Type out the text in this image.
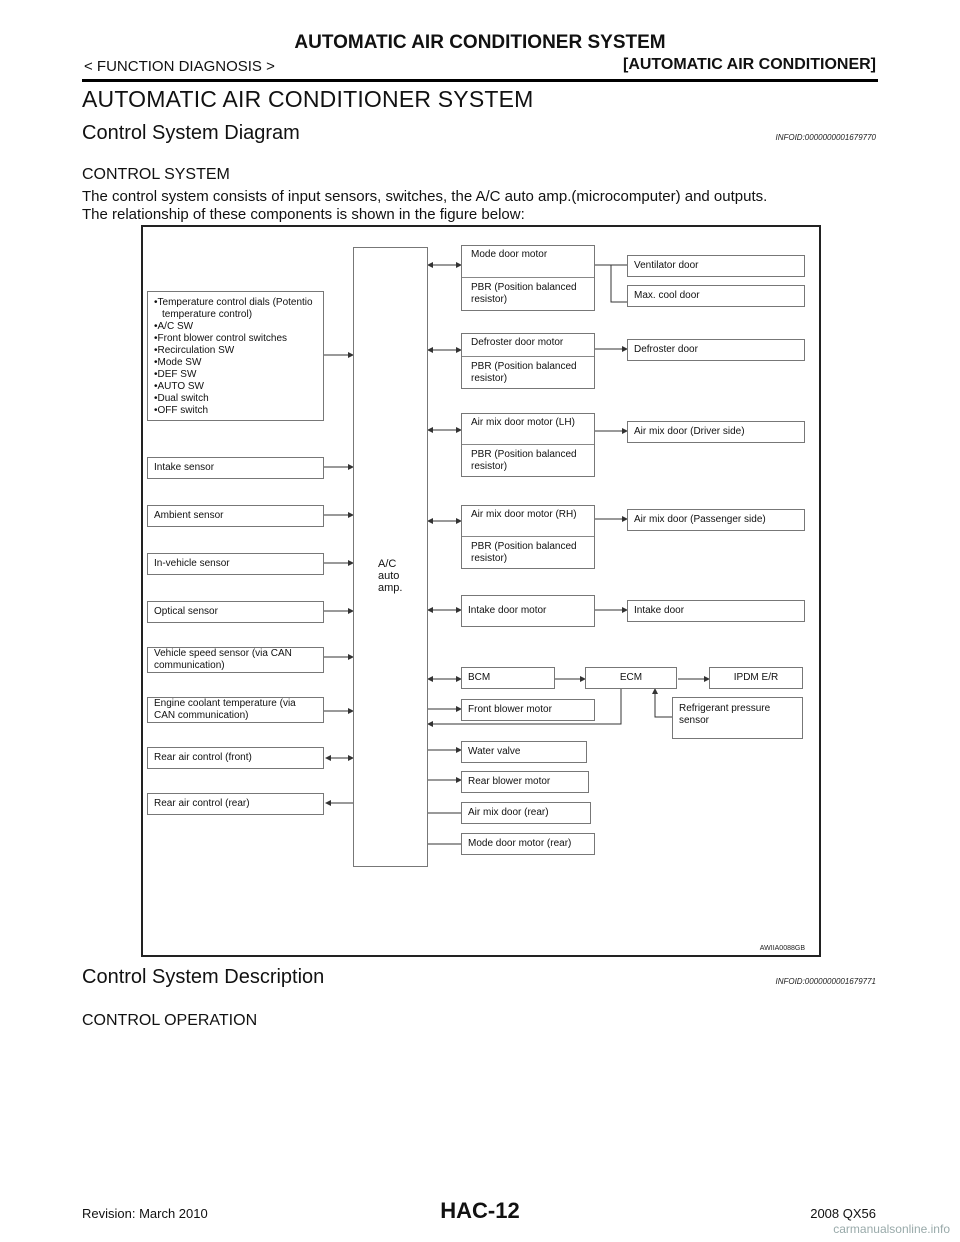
AUTOMATIC AIR CONDITIONER SYSTEM
< FUNCTION DIAGNOSIS >	[AUTOMATIC AIR CONDITIONER]
AUTOMATIC AIR CONDITIONER SYSTEM
Control System Diagram	INFOID:0000000001679770
CONTROL SYSTEM
The control system consists of input sensors, switches, the A/C auto amp.(microcomputer) and outputs.
The relationship of these components is shown in the figure below:
• Temperature control dials (Potentio temperature control)
• A/C SW
• Front blower control switches
• Recirculation SW
• Mode SW
• DEF SW
• AUTO SW
• Dual switch
• OFF switch
Intake sensor
Ambient sensor
In-vehicle sensor
Optical sensor
Vehicle speed sensor (via CAN communication)
Engine coolant temperature (via CAN communication)
Rear air control (front)
Rear air control (rear)
A/C auto amp.
Mode door motor
PBR (Position balanced resistor)
Defroster door motor
PBR (Position balanced resistor)
Air mix door motor (LH)
PBR (Position balanced resistor)
Air mix door motor (RH)
PBR (Position balanced resistor)
Intake door motor
BCM
Front blower motor
Water valve
Rear blower motor
Air mix door (rear)
Mode door motor (rear)
Ventilator door
Max. cool door
Defroster door
Air mix door (Driver side)
Air mix door (Passenger side)
Intake door
ECM	IPDM E/R
Refrigerant pressure sensor
AWIIA0088GB
Control System Description	INFOID:0000000001679771
CONTROL OPERATION
Revision: March 2010	HAC-12	2008 QX56
carmanualsonline.info
